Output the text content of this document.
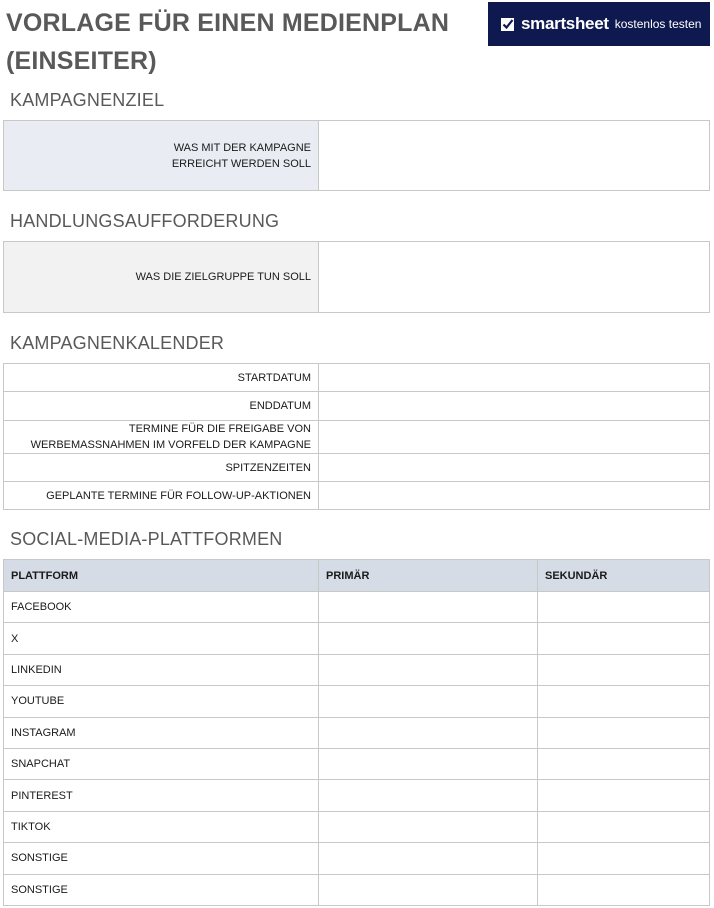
VORLAGE FÜR EINEN MEDIENPLAN (EINSEITER)
smartsheet kostenlos testen
KAMPAGNENZIEL
WAS MIT DER KAMPAGNE ERREICHT WERDEN SOLL

HANDLUNGSAUFFORDERUNG
WAS DIE ZIELGRUPPE TUN SOLL	
KAMPAGNENKALENDER
STARTDATUM	
ENDDATUM	
TERMINE FÜR DIE FREIGABE VON WERBEMASSNAHMEN IM VORFELD DER KAMPAGNE	
SPITZENZEITEN	
GEPLANTE TERMINE FÜR FOLLOW-UP-AKTIONEN	
SOCIAL-MEDIA-PLATTFORMEN
PLATTFORM	PRIMÄR	SEKUNDÄR
FACEBOOK		
X		
LINKEDIN		
YOUTUBE		
INSTAGRAM		
SNAPCHAT		
PINTEREST		
TIKTOK		
SONSTIGE		
SONSTIGE		
